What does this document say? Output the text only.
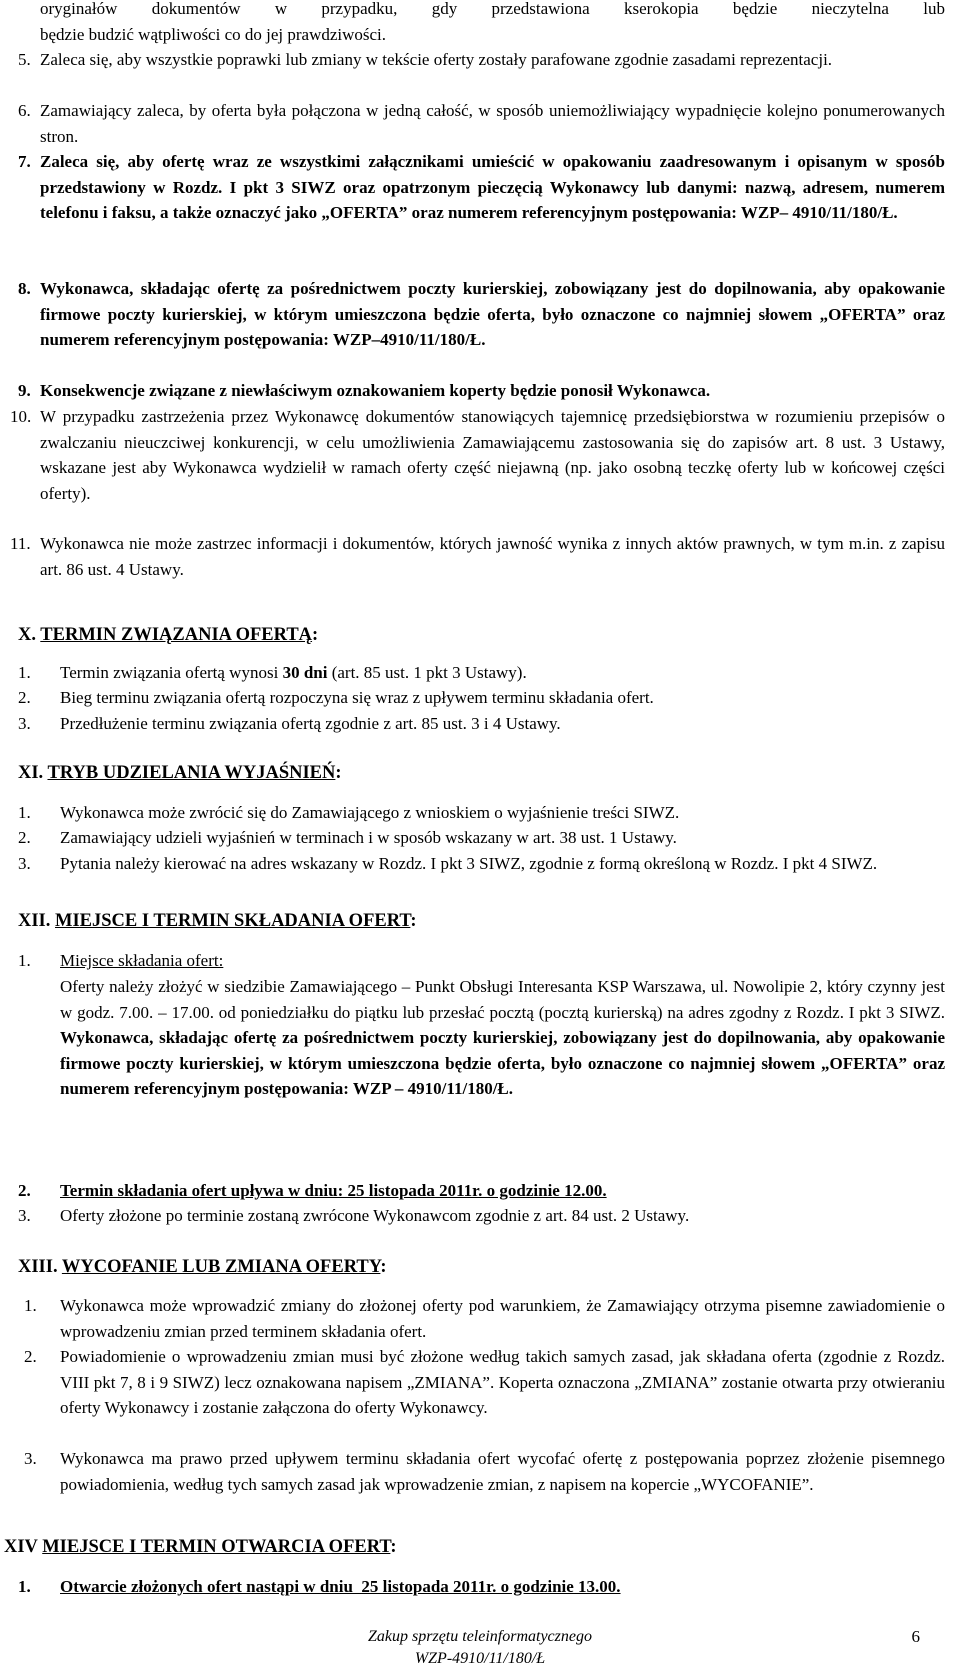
oryginałów dokumentów w przypadku, gdy przedstawiona kserokopia będzie nieczytelna lub
będzie budzić wątpliwości co do jej prawdziwości.
5. Zaleca się, aby wszystkie poprawki lub zmiany w tekście oferty zostały parafowane zgodnie zasadami reprezentacji.
6. Zamawiający zaleca, by oferta była połączona w jedną całość, w sposób uniemożliwiający wypadnięcie kolejno ponumerowanych stron.
7. Zaleca się, aby ofertę wraz ze wszystkimi załącznikami umieścić w opakowaniu zaadresowanym i opisanym w sposób przedstawiony w Rozdz. I pkt 3 SIWZ oraz opatrzonym pieczęcią Wykonawcy lub danymi: nazwą, adresem, numerem telefonu i faksu, a także oznaczyć jako „OFERTA” oraz numerem referencyjnym postępowania: WZP– 4910/11/180/Ł.
8. Wykonawca, składając ofertę za pośrednictwem poczty kurierskiej, zobowiązany jest do dopilnowania, aby opakowanie firmowe poczty kurierskiej, w którym umieszczona będzie oferta, było oznaczone co najmniej słowem „OFERTA” oraz numerem referencyjnym postępowania: WZP–4910/11/180/Ł.
9. Konsekwencje związane z niewłaściwym oznakowaniem koperty będzie ponosił Wykonawca.
10. W przypadku zastrzeżenia przez Wykonawcę dokumentów stanowiących tajemnicę przedsiębiorstwa w rozumieniu przepisów o zwalczaniu nieuczciwej konkurencji, w celu umożliwienia Zamawiającemu zastosowania się do zapisów art. 8 ust. 3 Ustawy, wskazane jest aby Wykonawca wydzielił w ramach oferty część niejawną (np. jako osobną teczkę oferty lub w końcowej części oferty).
11. Wykonawca nie może zastrzec informacji i dokumentów, których jawność wynika z innych aktów prawnych, w tym m.in. z zapisu art. 86 ust. 4 Ustawy.
X. TERMIN ZWIĄZANIA OFERTĄ:
1. Termin związania ofertą wynosi 30 dni (art. 85 ust. 1 pkt 3 Ustawy).
2. Bieg terminu związania ofertą rozpoczyna się wraz z upływem terminu składania ofert.
3. Przedłużenie terminu związania ofertą zgodnie z art. 85 ust. 3 i 4 Ustawy.
XI. TRYB UDZIELANIA WYJAŚNIEŃ:
1. Wykonawca może zwrócić się do Zamawiającego z wnioskiem o wyjaśnienie treści SIWZ.
2. Zamawiający udzieli wyjaśnień w terminach i w sposób wskazany w art. 38 ust. 1 Ustawy.
3. Pytania należy kierować na adres wskazany w Rozdz. I pkt 3 SIWZ, zgodnie z formą określoną w Rozdz. I pkt 4 SIWZ.
XII. MIEJSCE I TERMIN SKŁADANIA OFERT:
1. Miejsce składania ofert:
Oferty należy złożyć w siedzibie Zamawiającego – Punkt Obsługi Interesanta KSP Warszawa, ul. Nowolipie 2, który czynny jest w godz. 7.00. – 17.00. od poniedziałku do piątku lub przesłać pocztą (pocztą kurierską) na adres zgodny z Rozdz. I pkt 3 SIWZ. Wykonawca, składając ofertę za pośrednictwem poczty kurierskiej, zobowiązany jest do dopilnowania, aby opakowanie firmowe poczty kurierskiej, w którym umieszczona będzie oferta, było oznaczone co najmniej słowem „OFERTA” oraz numerem referencyjnym postępowania: WZP – 4910/11/180/Ł.
2. Termin składania ofert upływa w dniu: 25 listopada 2011r. o godzinie 12.00.
3. Oferty złożone po terminie zostaną zwrócone Wykonawcom zgodnie z art. 84 ust. 2 Ustawy.
XIII. WYCOFANIE LUB ZMIANA OFERTY:
1. Wykonawca może wprowadzić zmiany do złożonej oferty pod warunkiem, że Zamawiający otrzyma pisemne zawiadomienie o wprowadzeniu zmian przed terminem składania ofert.
2. Powiadomienie o wprowadzeniu zmian musi być złożone według takich samych zasad, jak składana oferta (zgodnie z Rozdz. VIII pkt 7, 8 i 9 SIWZ) lecz oznakowana napisem „ZMIANA”. Koperta oznaczona „ZMIANA” zostanie otwarta przy otwieraniu oferty Wykonawcy i zostanie załączona do oferty Wykonawcy.
3. Wykonawca ma prawo przed upływem terminu składania ofert wycofać ofertę z postępowania poprzez złożenie pisemnego powiadomienia, według tych samych zasad jak wprowadzenie zmian, z napisem na kopercie „WYCOFANIE”.
XIV MIEJSCE I TERMIN OTWARCIA OFERT:
1. Otwarcie złożonych ofert nastąpi w dniu  25 listopada 2011r. o godzinie 13.00.
Zakup sprzętu teleinformatycznego
WZP-4910/11/180/Ł
6
